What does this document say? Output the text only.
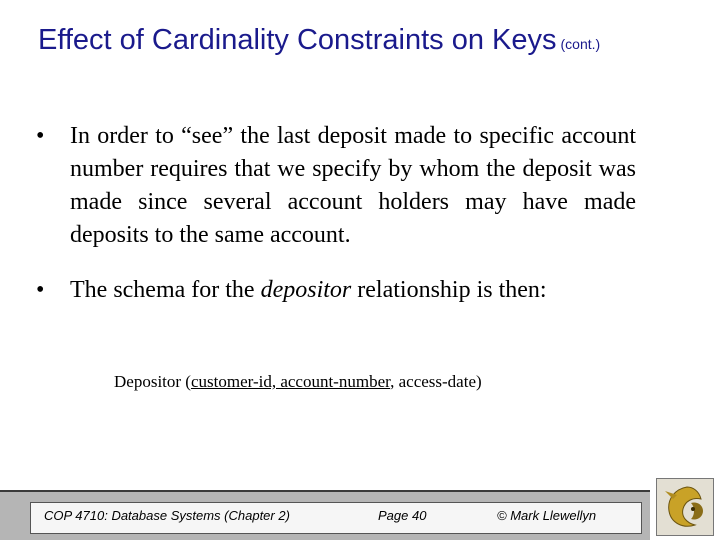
Effect of Cardinality Constraints on Keys (cont.)
• In order to “see” the last deposit made to specific account number requires that we specify by whom the deposit was made since several account holders may have made deposits to the same account.
• The schema for the depositor relationship is then:
Depositor (customer-id, account-number, access-date)
COP 4710: Database Systems (Chapter 2)	Page 40	© Mark Llewellyn
